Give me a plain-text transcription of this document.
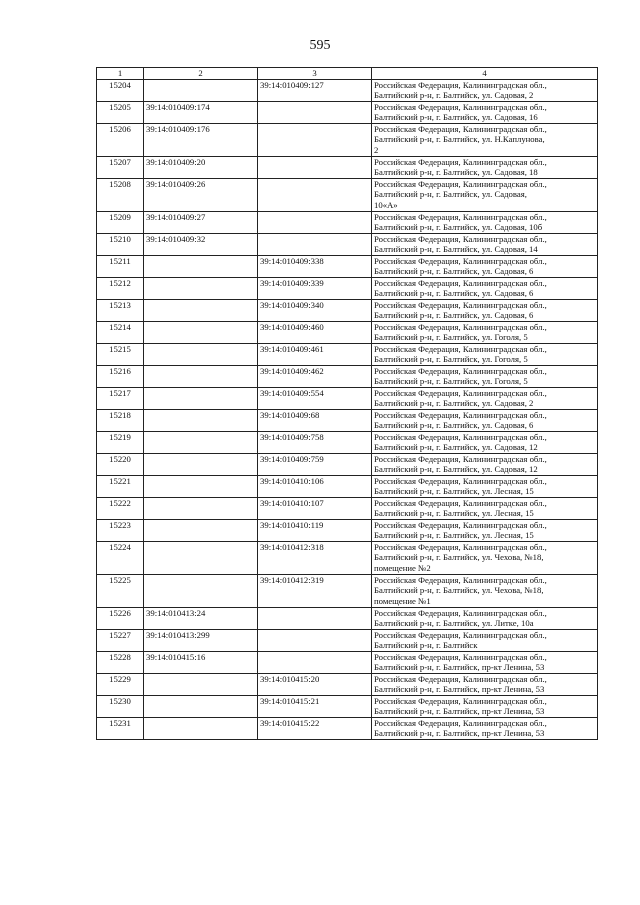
595
1	2	3	4
15204		39:14:010409:127	Российская Федерация, Калининградская обл.,
Балтийский р-н, г. Балтийск, ул. Садовая, 2

15205	39:14:010409:174		Российская Федерация, Калининградская обл.,
Балтийский р-н, г. Балтийск, ул. Садовая, 16

15206	39:14:010409:176		Российская Федерация, Калининградская обл.,
Балтийский р-н, г. Балтийск, ул. Н.Каплунова,
2

15207	39:14:010409:20		Российская Федерация, Калининградская обл.,
Балтийский р-н, г. Балтийск, ул. Садовая, 18

15208	39:14:010409:26		Российская Федерация, Калининградская обл.,
Балтийский р-н, г. Балтийск, ул. Садовая,
10«А»

15209	39:14:010409:27		Российская Федерация, Калининградская обл.,
Балтийский р-н, г. Балтийск, ул. Садовая, 10б

15210	39:14:010409:32		Российская Федерация, Калининградская обл.,
Балтийский р-н, г. Балтийск, ул. Садовая, 14

15211		39:14:010409:338	Российская Федерация, Калининградская обл.,
Балтийский р-н, г. Балтийск, ул. Садовая, 6

15212		39:14:010409:339	Российская Федерация, Калининградская обл.,
Балтийский р-н, г. Балтийск, ул. Садовая, 6

15213		39:14:010409:340	Российская Федерация, Калининградская обл.,
Балтийский р-н, г. Балтийск, ул. Садовая, 6

15214		39:14:010409:460	Российская Федерация, Калининградская обл.,
Балтийский р-н, г. Балтийск, ул. Гоголя, 5

15215		39:14:010409:461	Российская Федерация, Калининградская обл.,
Балтийский р-н, г. Балтийск, ул. Гоголя, 5

15216		39:14:010409:462	Российская Федерация, Калининградская обл.,
Балтийский р-н, г. Балтийск, ул. Гоголя, 5

15217		39:14:010409:554	Российская Федерация, Калининградская обл.,
Балтийский р-н, г. Балтийск, ул. Садовая, 2

15218		39:14:010409:68	Российская Федерация, Калининградская обл.,
Балтийский р-н, г. Балтийск, ул. Садовая, 6

15219		39:14:010409:758	Российская Федерация, Калининградская обл.,
Балтийский р-н, г. Балтийск, ул. Садовая, 12

15220		39:14:010409:759	Российская Федерация, Калининградская обл.,
Балтийский р-н, г. Балтийск, ул. Садовая, 12

15221		39:14:010410:106	Российская Федерация, Калининградская обл.,
Балтийский р-н, г. Балтийск, ул. Лесная, 15

15222		39:14:010410:107	Российская Федерация, Калининградская обл.,
Балтийский р-н, г. Балтийск, ул. Лесная, 15

15223		39:14:010410:119	Российская Федерация, Калининградская обл.,
Балтийский р-н, г. Балтийск, ул. Лесная, 15

15224		39:14:010412:318	Российская Федерация, Калининградская обл.,
Балтийский р-н, г. Балтийск, ул. Чехова, №18,
помещение №2

15225		39:14:010412:319	Российская Федерация, Калининградская обл.,
Балтийский р-н, г. Балтийск, ул. Чехова, №18,
помещение №1

15226	39:14:010413:24		Российская Федерация, Калининградская обл.,
Балтийский р-н, г. Балтийск, ул. Литке, 10а

15227	39:14:010413:299		Российская Федерация, Калининградская обл.,
Балтийский р-н, г. Балтийск

15228	39:14:010415:16		Российская Федерация, Калининградская обл.,
Балтийский р-н, г. Балтийск, пр-кт Ленина, 53

15229		39:14:010415:20	Российская Федерация, Калининградская обл.,
Балтийский р-н, г. Балтийск, пр-кт Ленина, 53

15230		39:14:010415:21	Российская Федерация, Калининградская обл.,
Балтийский р-н, г. Балтийск, пр-кт Ленина, 53

15231		39:14:010415:22	Российская Федерация, Калининградская обл.,
Балтийский р-н, г. Балтийск, пр-кт Ленина, 53
